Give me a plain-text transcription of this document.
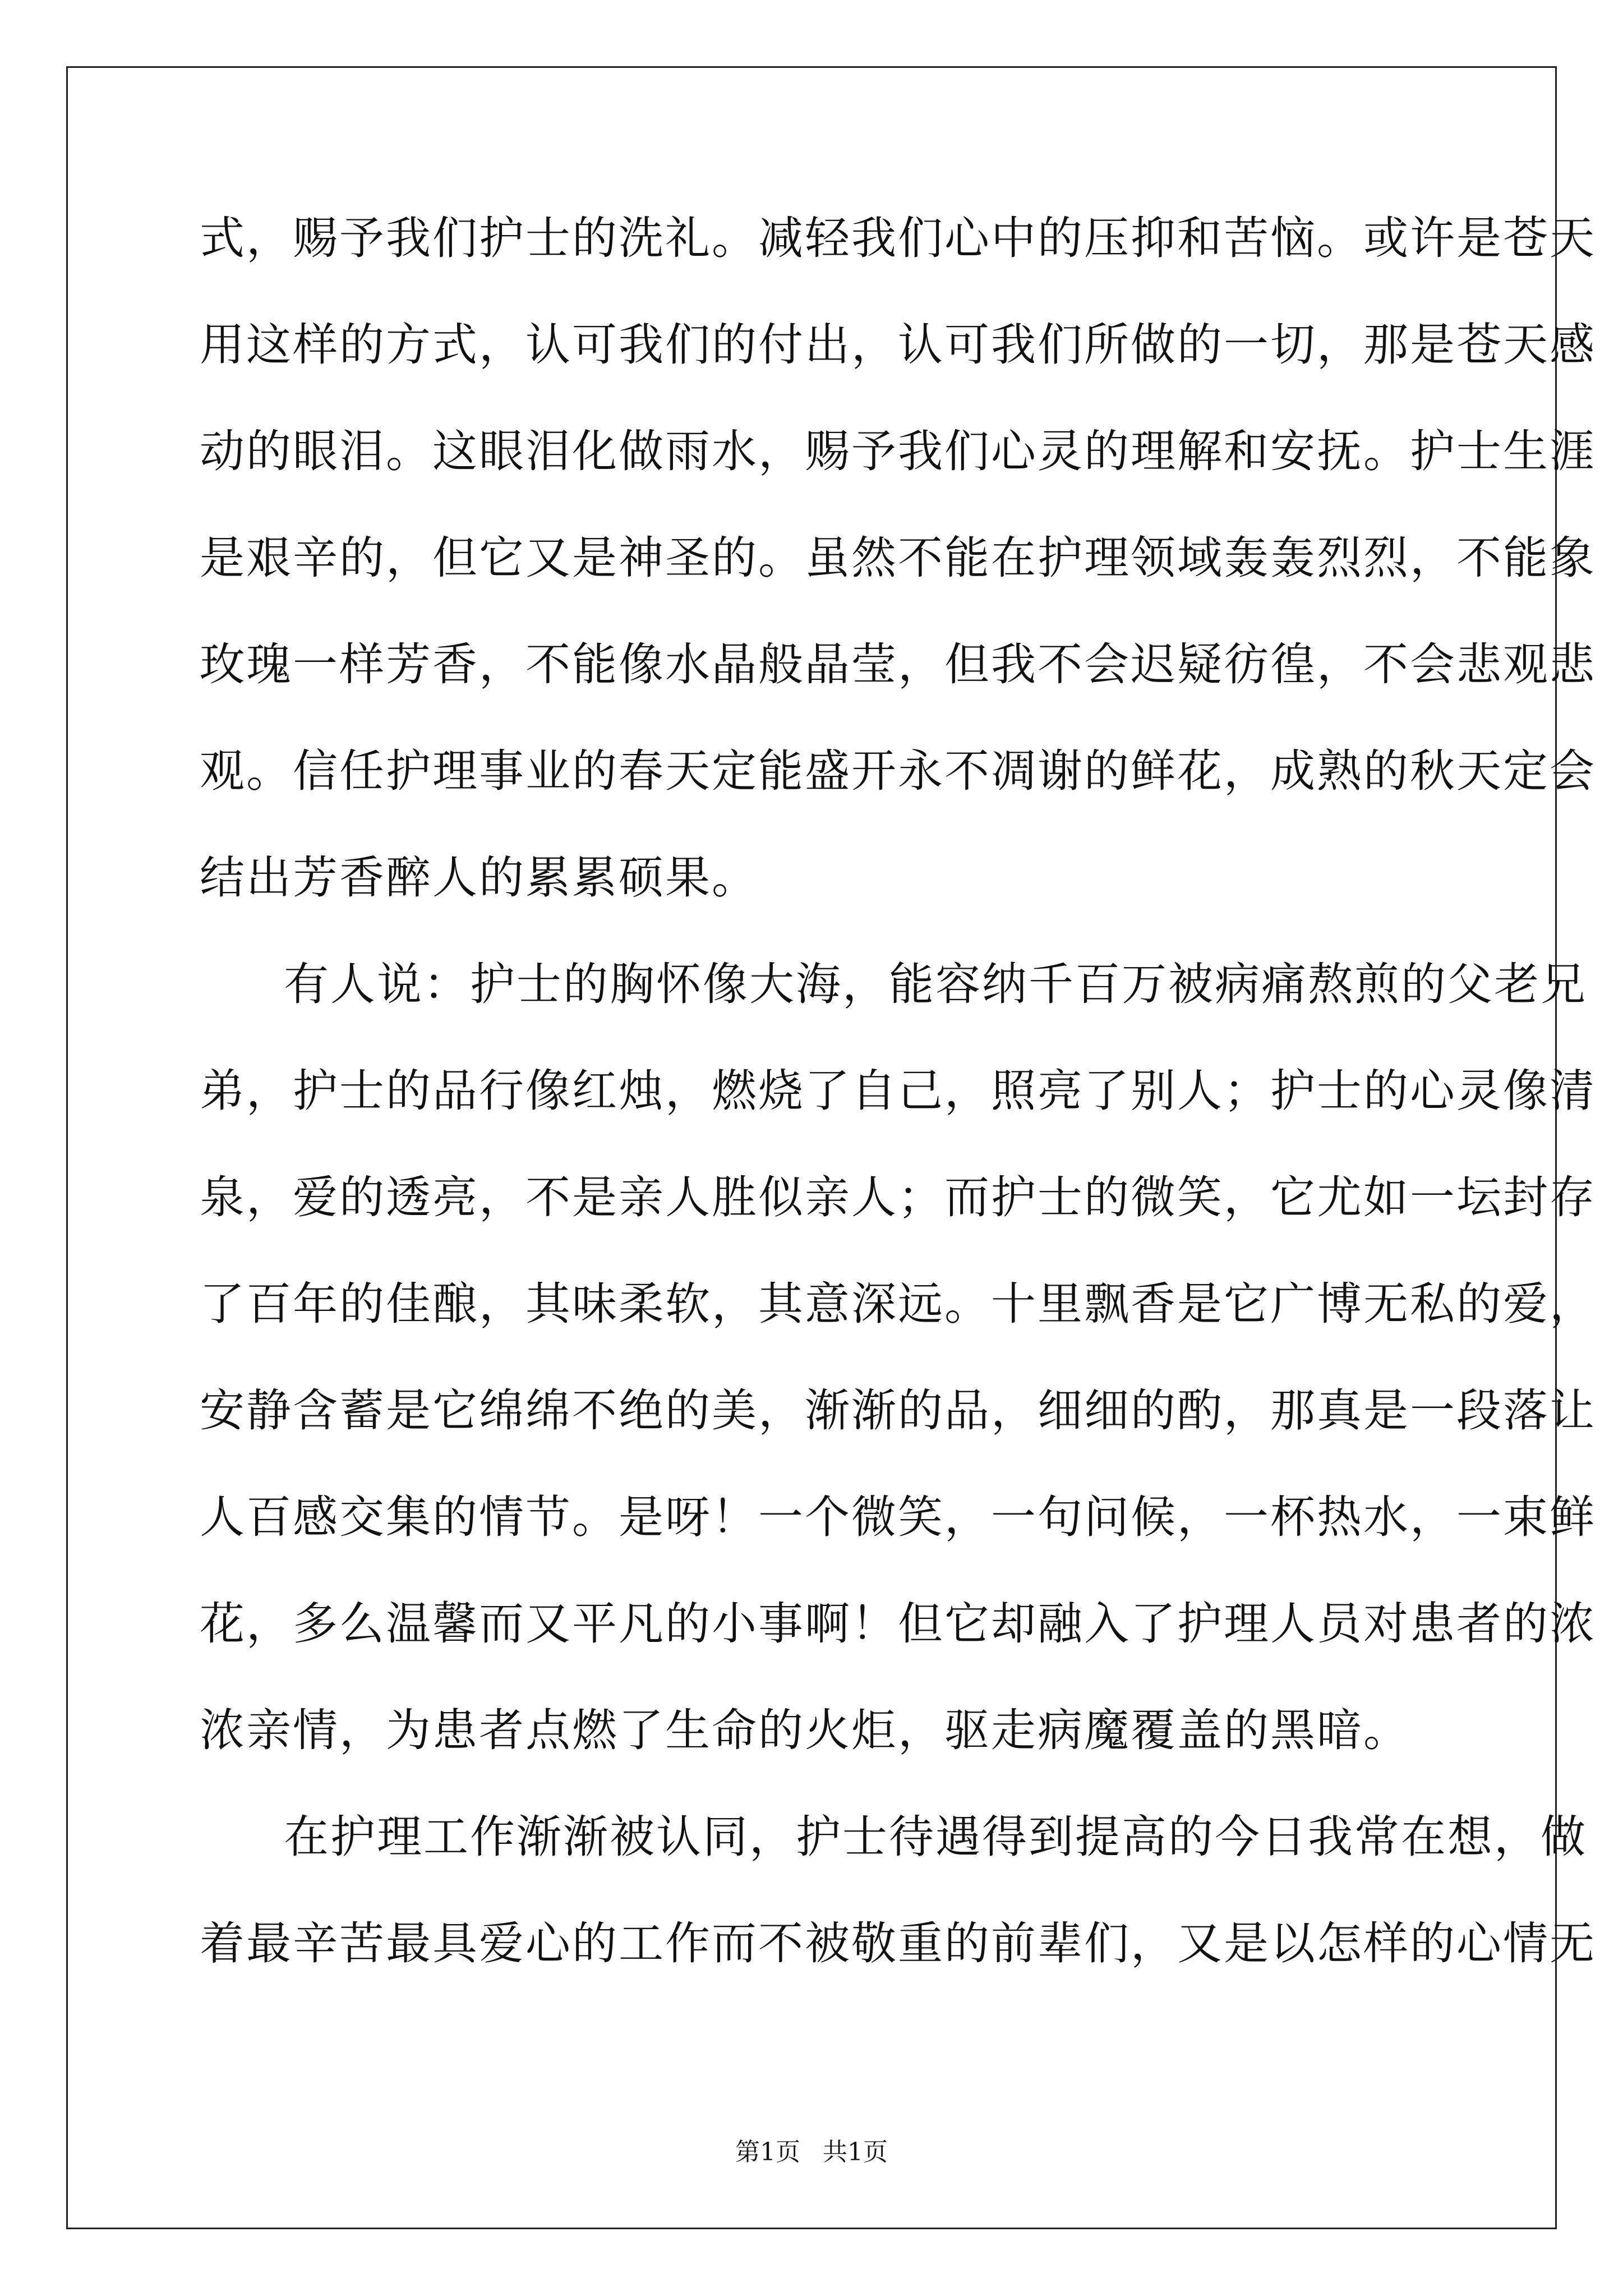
式，赐予我们护士的洗礼。减轻我们心中的压抑和苦恼。或许是苍天

用这样的方式，认可我们的付出，认可我们所做的一切，那是苍天感

动的眼泪。这眼泪化做雨水，赐予我们心灵的理解和安抚。护士生涯

是艰辛的，但它又是神圣的。虽然不能在护理领域轰轰烈烈，不能象

玫瑰一样芳香，不能像水晶般晶莹，但我不会迟疑彷徨，不会悲观悲

观。信任护理事业的春天定能盛开永不凋谢的鲜花，成熟的秋天定会

结出芳香醉人的累累硕果。

有人说：护士的胸怀像大海，能容纳千百万被病痛熬煎的父老兄

弟，护士的品行像红烛，燃烧了自己，照亮了别人；护士的心灵像清

泉，爱的透亮，不是亲人胜似亲人；而护士的微笑，它尤如一坛封存

了百年的佳酿，其味柔软，其意深远。十里飘香是它广博无私的爱，

安静含蓄是它绵绵不绝的美，渐渐的品，细细的酌，那真是一段落让

人百感交集的情节。是呀！一个微笑，一句问候，一杯热水，一束鲜

花，多么温馨而又平凡的小事啊！但它却融入了护理人员对患者的浓

浓亲情，为患者点燃了生命的火炬，驱走病魔覆盖的黑暗。

在护理工作渐渐被认同，护士待遇得到提高的今日我常在想，做

着最辛苦最具爱心的工作而不被敬重的前辈们，又是以怎样的心情无

第1页 共1页
